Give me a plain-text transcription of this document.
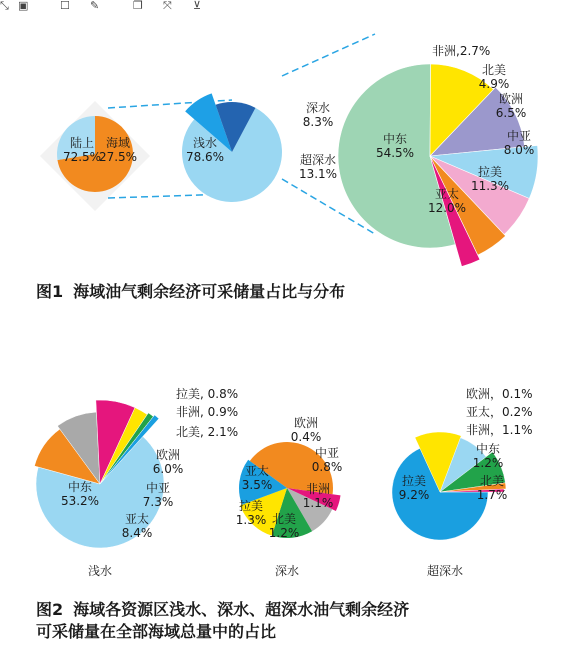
⤡ ▣	☐ ✎	❐ ⤧ ⊻
陆上
72.5%
海域
27.5%
浅水
78.6%
深水
8.3%
超深水
13.1%
中东
54.5%
亚太
12.0%
拉美
11.3%
中亚
8.0%
欧洲
6.5%
北美
4.9%
非洲,2.7%
图1 海域油气剩余经济可采储量占比与分布
中东
53.2%
亚太
8.4%
中亚
7.3%
欧洲
6.0%
北美, 2.1%
非洲, 0.9%
拉美, 0.8%
浅水
亚太
3.5%
欧洲
0.4%
中亚
0.8%
非洲
1.1%
北美
1.2%
拉美
1.3%
深水
拉美
9.2%
北美
1.7%
中东
1.2%
非洲，1.1%
亚太，0.2%
欧洲，0.1%
超深水
图2 海域各资源区浅水、深水、超深水油气剩余经济
可采储量在全部海域总量中的占比
